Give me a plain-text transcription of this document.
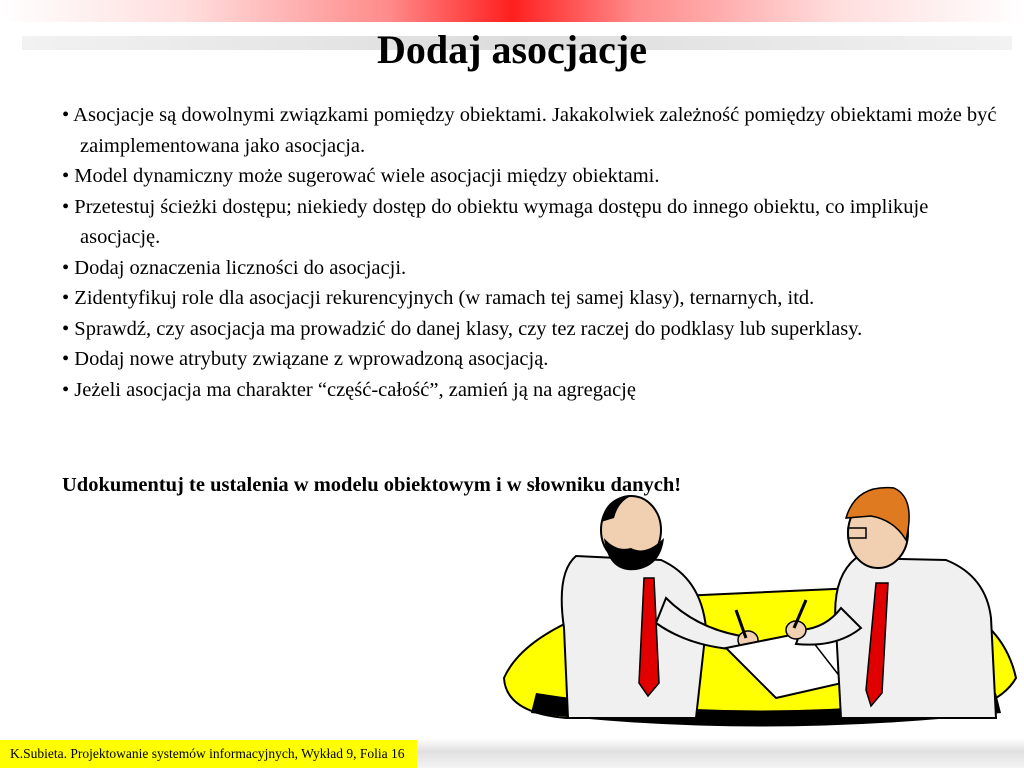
Dodaj asocjacje
• Asocjacje są dowolnymi związkami pomiędzy obiektami. Jakakolwiek zależność pomiędzy obiektami może być zaimplementowana jako asocjacja.
• Model dynamiczny może sugerować wiele asocjacji między obiektami.
• Przetestuj ścieżki dostępu; niekiedy dostęp do obiektu wymaga dostępu do innego obiektu, co implikuje asocjację.
• Dodaj oznaczenia liczności do asocjacji.
• Zidentyfikuj role dla asocjacji rekurencyjnych (w ramach tej samej klasy), ternarnych, itd.
• Sprawdź, czy asocjacja ma prowadzić do danej klasy, czy tez raczej do podklasy lub superklasy.
• Dodaj nowe atrybuty związane z wprowadzoną asocjacją.
• Jeżeli asocjacja ma charakter “część-całość”, zamień ją na agregację
Udokumentuj te ustalenia w modelu obiektowym i w słowniku danych!
K.Subieta. Projektowanie systemów informacyjnych, Wykład 9, Folia 16
